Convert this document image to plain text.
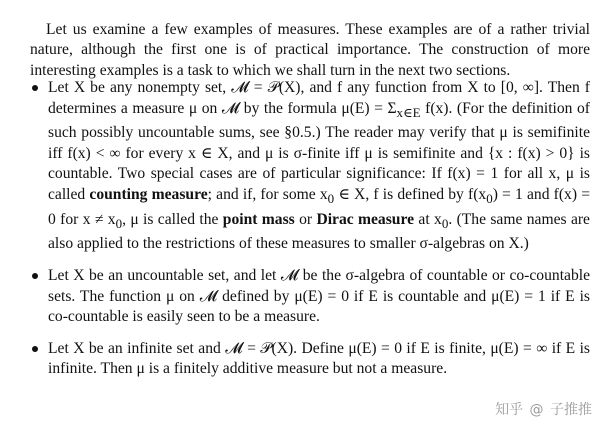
Let us examine a few examples of measures. These examples are of a rather trivial nature, although the first one is of practical importance. The construction of more interesting examples is a task to which we shall turn in the next two sections.

Let X be any nonempty set, 𝓜 = 𝒫(X), and f any function from X to [0, ∞]. Then f determines a measure μ on 𝓜 by the formula $\mu(E) = \Sigma_{x\in E}$ f(x). (For the definition of such possibly uncountable sums, see §0.5.) The reader may verify that μ is semifinite iff f(x) < ∞ for every x ∈ X, and μ is σ-finite iff μ is semifinite and {x : f(x) > 0} is countable. Two special cases are of particular significance: If f(x) = 1 for all x, μ is called counting measure; and if, for some $x_0$ ∈ X, f is defined by $f(x_0) = 1$ and f(x) = 0 for $x \ne x_0$, μ is called the point mass or Dirac measure at $x_0$. (The same names are also applied to the restrictions of these measures to smaller σ-algebras on X.)

Let X be an uncountable set, and let 𝓜 be the σ-algebra of countable or co-countable sets. The function μ on 𝓜 defined by μ(E) = 0 if E is countable and μ(E) = 1 if E is co-countable is easily seen to be a measure.

Let X be an infinite set and 𝓜 = 𝒫(X). Define μ(E) = 0 if E is finite, μ(E) = ∞ if E is infinite. Then μ is a finitely additive measure but not a measure.

知乎 @ 子推推
